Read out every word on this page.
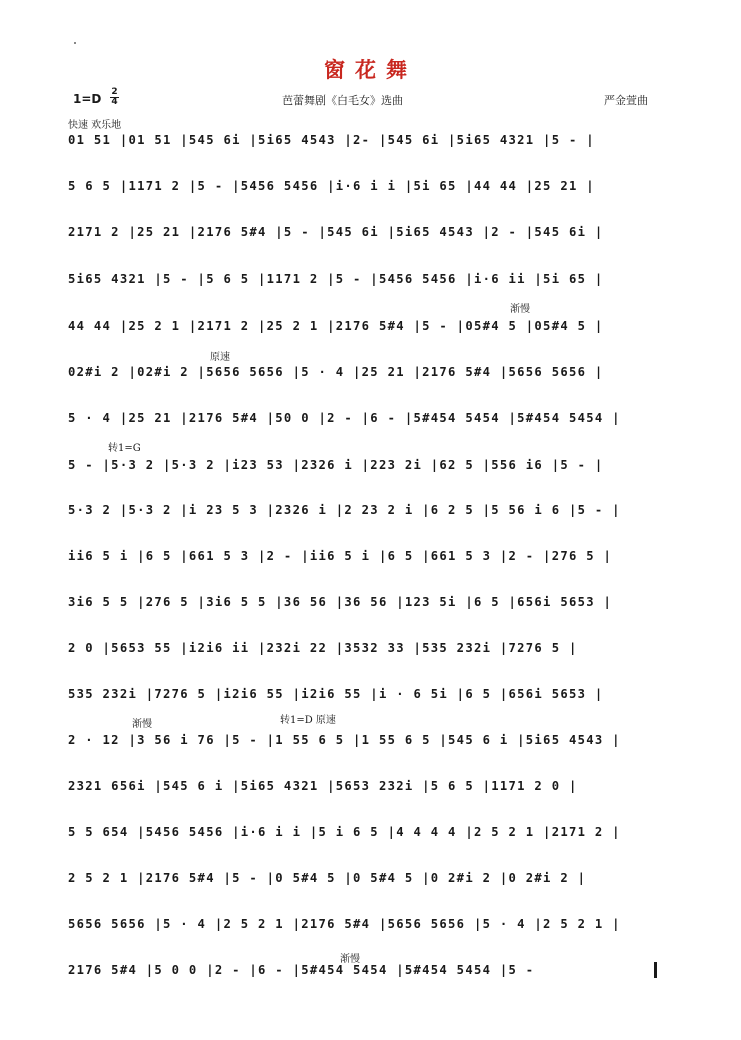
窗花舞
1=D 2
4	芭蕾舞剧《白毛女》选曲	严金萱曲
快速 欢乐地
渐慢
原速
转1=G
渐慢	转1=D 原速
渐慢
01 51 |01 51 |545 6i |5i65 4543 |2- |545 6i |5i65 4321 |5 - |
5 6 5 |1171 2 |5 - |5456 5456 |i·6 i i |5i 65 |44 44 |25 21 |
2171 2 |25 21 |2176 5#4 |5 - |545 6i |5i65 4543 |2 - |545 6i |
5i65 4321 |5 - |5 6 5 |1171 2 |5 - |5456 5456 |i·6 ii |5i 65 |
44 44 |25 2 1 |2171 2 |25 2 1 |2176 5#4 |5 - |05#4 5 |05#4 5 |
02#i 2 |02#i 2 |5656 5656 |5 · 4 |25 21 |2176 5#4 |5656 5656 |
5 · 4 |25 21 |2176 5#4 |50 0 |2 - |6 - |5#454 5454 |5#454 5454 |
5 - |5·3 2 |5·3 2 |i23 53 |2326 i |223 2i |62 5 |556 i6 |5 - |
5·3 2 |5·3 2 |i 23 5 3 |2326 i |2 23 2 i |6 2 5 |5 56 i 6 |5 - |
ii6 5 i |6 5 |661 5 3 |2 - |ii6 5 i |6 5 |661 5 3 |2 - |276 5 |
3i6 5 5 |276 5 |3i6 5 5 |36 56 |36 56 |123 5i |6 5 |656i 5653 |
2 0 |5653 55 |i2i6 ii |232i 22 |3532 33 |535 232i |7276 5 |
535 232i |7276 5 |i2i6 55 |i2i6 55 |i · 6 5i |6 5 |656i 5653 |
2 · 12 |3 56 i 76 |5 - |1 55 6 5 |1 55 6 5 |545 6 i |5i65 4543 |
2321 656i |545 6 i |5i65 4321 |5653 232i |5 6 5 |1171 2 0 |
5 5 654 |5456 5456 |i·6 i i |5 i 6 5 |4 4 4 4 |2 5 2 1 |2171 2 |
2 5 2 1 |2176 5#4 |5 - |0 5#4 5 |0 5#4 5 |0 2#i 2 |0 2#i 2 |
5656 5656 |5 · 4 |2 5 2 1 |2176 5#4 |5656 5656 |5 · 4 |2 5 2 1 |
2176 5#4 |5 0 0 |2 - |6 - |5#454 5454 |5#454 5454 |5 -
